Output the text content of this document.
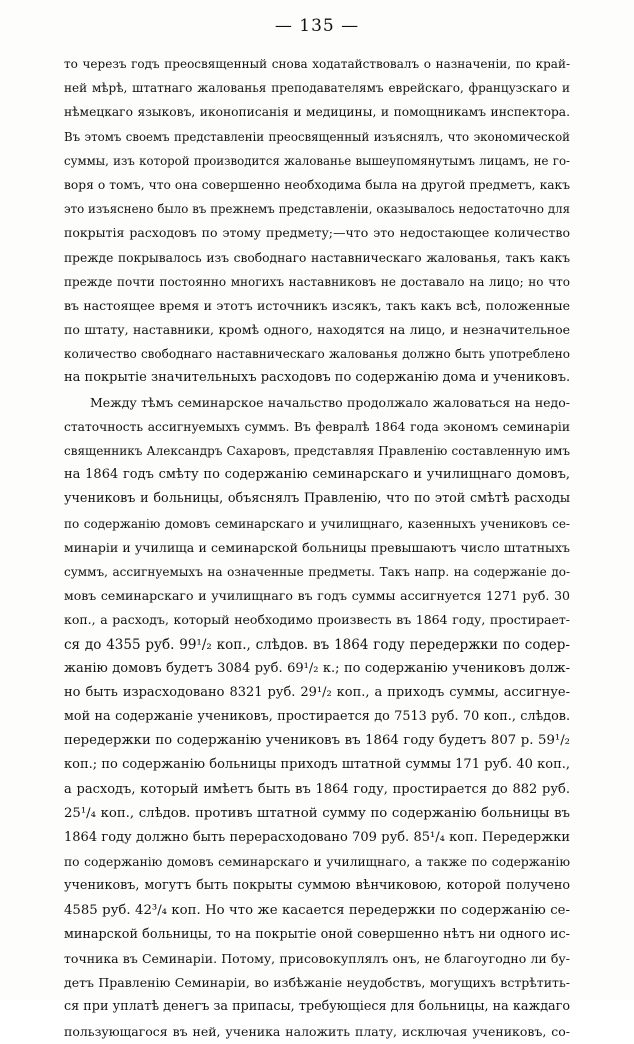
— 135 —
то черезъ годъ преосвященный снова ходатайствовалъ о назначеніи, по край-
ней мѣрѣ, штатнаго жалованья преподавателямъ еврейскаго, французскаго и
нѣмецкаго языковъ, иконописанія и медицины, и помощникамъ инспектора.
Въ этомъ своемъ представленіи преосвященный изъяснялъ, что экономической
суммы, изъ которой производится жалованье вышеупомянутымъ лицамъ, не го-
воря о томъ, что она совершенно необходима была на другой предметъ, какъ
это изъяснено было въ прежнемъ представленіи, оказывалось недостаточно для
покрытія расходовъ по этому предмету;—что это недостающее количество
прежде покрывалось изъ свободнаго наставническаго жалованья, такъ какъ
прежде почти постоянно многихъ наставниковъ не доставало на лицо; но что
въ настоящее время и этотъ источникъ изсякъ, такъ какъ всѣ, положенные
по штату, наставники, кромѣ одного, находятся на лицо, и незначительное
количество свободнаго наставническаго жалованья должно быть употреблено
на покрытіе значительныхъ расходовъ по содержанію дома и учениковъ.
Между тѣмъ семинарское начальство продолжало жаловаться на недо-
статочность ассигнуемыхъ суммъ. Въ февралѣ 1864 года экономъ семинаріи
священникъ Александръ Сахаровъ, представляя Правленію составленную имъ
на 1864 годъ смѣту по содержанію семинарскаго и училищнаго домовъ,
учениковъ и больницы, объяснялъ Правленію, что по этой смѣтѣ расходы
по содержанію домовъ семинарскаго и училищнаго, казенныхъ учениковъ се-
минаріи и училища и семинарской больницы превышаютъ число штатныхъ
суммъ, ассигнуемыхъ на означенные предметы. Такъ напр. на содержаніе до-
мовъ семинарскаго и училищнаго въ годъ суммы ассигнуется 1271 руб. 30
коп., а расходъ, который необходимо произвесть въ 1864 году, простирает-
ся до 4355 руб. 99¹/₂ коп., слѣдов. въ 1864 году передержки по содер-
жанію домовъ будетъ 3084 руб. 69¹/₂ к.; по содержанію учениковъ долж-
но быть израсходовано 8321 руб. 29¹/₂ коп., а приходъ суммы, ассигнуе-
мой на содержаніе учениковъ, простирается до 7513 руб. 70 коп., слѣдов.
передержки по содержанію учениковъ въ 1864 году будетъ 807 р. 59¹/₂
коп.; по содержанію больницы приходъ штатной суммы 171 руб. 40 коп.,
а расходъ, который имѣетъ быть въ 1864 году, простирается до 882 руб.
25¹/₄ коп., слѣдов. противъ штатной сумму по содержанію больницы въ
1864 году должно быть перерасходовано 709 руб. 85¹/₄ коп. Передержки
по содержанію домовъ семинарскаго и училищнаго, а также по содержанію
учениковъ, могутъ быть покрыты суммою вѣнчиковою, которой получено
4585 руб. 42³/₄ коп. Но что же касается передержки по содержанію се-
минарской больницы, то на покрытіе оной совершенно нѣтъ ни одного ис-
точника въ Семинаріи. Потому, присовокуплялъ онъ, не благоугодно ли бу-
детъ Правленію Семинаріи, во избѣжаніе неудобствъ, могущихъ встрѣтить-
ся при уплатѣ денегъ за припасы, требующіеся для больницы, на каждаго
пользующагося въ ней, ученика наложить плату, исключая учениковъ, со-
